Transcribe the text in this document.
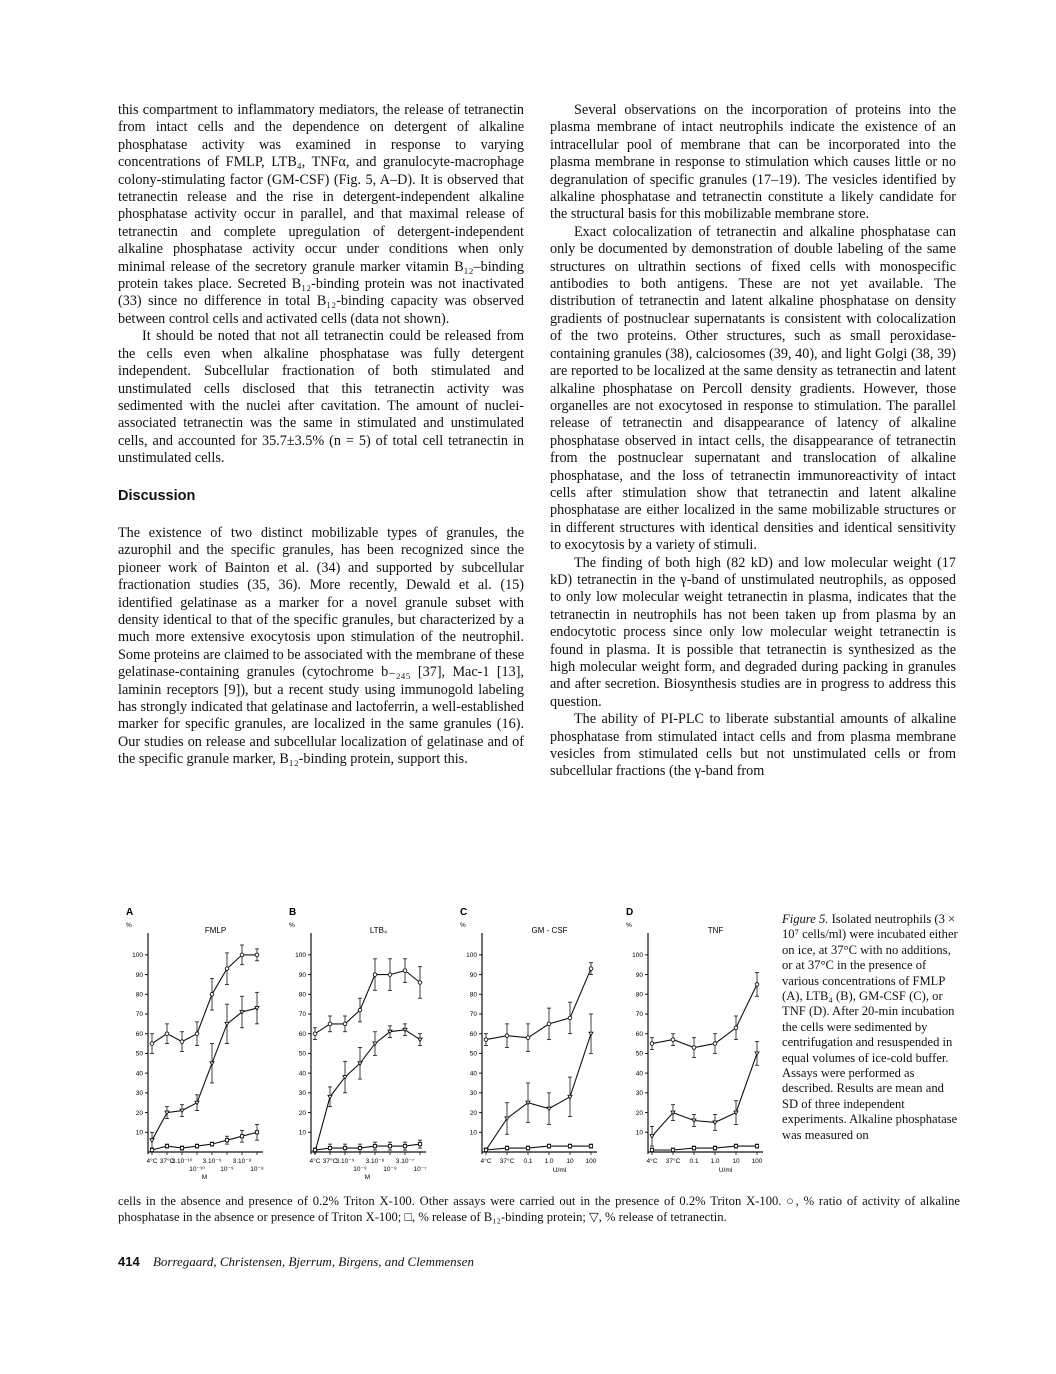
this compartment to inflammatory mediators, the release of tetranectin from intact cells and the dependence on detergent of alkaline phosphatase activity was examined in response to varying concentrations of FMLP, LTB₄, TNFα, and granulocyte-macrophage colony-stimulating factor (GM-CSF) (Fig. 5, A–D). It is observed that tetranectin release and the rise in detergent-independent alkaline phosphatase activity occur in parallel, and that maximal release of tetranectin and complete upregulation of detergent-independent alkaline phosphatase activity occur under conditions when only minimal release of the secretory granule marker vitamin B₁₂–binding protein takes place. Secreted B₁₂-binding protein was not inactivated (33) since no difference in total B₁₂-binding capacity was observed between control cells and activated cells (data not shown).

It should be noted that not all tetranectin could be released from the cells even when alkaline phosphatase was fully detergent independent. Subcellular fractionation of both stimulated and unstimulated cells disclosed that this tetranectin activity was sedimented with the nuclei after cavitation. The amount of nuclei-associated tetranectin was the same in stimulated and unstimulated cells, and accounted for 35.7±3.5% (n = 5) of total cell tetranectin in unstimulated cells.

Discussion

The existence of two distinct mobilizable types of granules, the azurophil and the specific granules, has been recognized since the pioneer work of Bainton et al. (34) and supported by subcellular fractionation studies (35, 36). More recently, Dewald et al. (15) identified gelatinase as a marker for a novel granule subset with density identical to that of the specific granules, but characterized by a much more extensive exocytosis upon stimulation of the neutrophil. Some proteins are claimed to be associated with the membrane of these gelatinase-containing granules (cytochrome b₋₂₄₅ [37], Mac-1 [13], laminin receptors [9]), but a recent study using immunogold labeling has strongly indicated that gelatinase and lactoferrin, a well-established marker for specific granules, are localized in the same granules (16). Our studies on release and subcellular localization of gelatinase and of the specific granule marker, B₁₂-binding protein, support this.

Several observations on the incorporation of proteins into the plasma membrane of intact neutrophils indicate the existence of an intracellular pool of membrane that can be incorporated into the plasma membrane in response to stimulation which causes little or no degranulation of specific granules (17–19). The vesicles identified by alkaline phosphatase and tetranectin constitute a likely candidate for the structural basis for this mobilizable membrane store.

Exact colocalization of tetranectin and alkaline phosphatase can only be documented by demonstration of double labeling of the same structures on ultrathin sections of fixed cells with monospecific antibodies to both antigens. These are not yet available. The distribution of tetranectin and latent alkaline phosphatase on density gradients of postnuclear supernatants is consistent with colocalization of the two proteins. Other structures, such as small peroxidase-containing granules (38), calciosomes (39, 40), and light Golgi (38, 39) are reported to be localized at the same density as tetranectin and latent alkaline phosphatase on Percoll density gradients. However, those organelles are not exocytosed in response to stimulation. The parallel release of tetranectin and disappearance of latency of alkaline phosphatase observed in intact cells, the disappearance of tetranectin from the postnuclear supernatant and translocation of alkaline phosphatase, and the loss of tetranectin immunoreactivity of intact cells after stimulation show that tetranectin and latent alkaline phosphatase are either localized in the same mobilizable structures or in different structures with identical densities and identical sensitivity to exocytosis by a variety of stimuli.

The finding of both high (82 kD) and low molecular weight (17 kD) tetranectin in the γ-band of unstimulated neutrophils, as opposed to only low molecular weight tetranectin in plasma, indicates that the tetranectin in neutrophils has not been taken up from plasma by an endocytotic process since only low molecular weight tetranectin is found in plasma. It is possible that tetranectin is synthesized as the high molecular weight form, and degraded during packing in granules and after secretion. Biosynthesis studies are in progress to address this question.

The ability of PI-PLC to liberate substantial amounts of alkaline phosphatase from stimulated intact cells and from plasma membrane vesicles from stimulated cells but not unstimulated cells or from subcellular fractions (the γ-band from

A
%
FMLP
10
20
30
40
50
60
70
80
90
100
4°C 37°C
3.10⁻¹⁰ 3.10⁻⁹ 3.10⁻⁸
10⁻¹⁰ 10⁻⁹	10⁻⁸
M
B
%
LTB₄
10
20
30
40
50
60
70
80
90
100
4°C 37°C
3.10⁻⁹ 3.10⁻⁸ 3.10⁻⁷
10⁻⁹	10⁻⁸	10⁻⁷
M
C
%
GM - CSF
10
20
30
40
50
60
70
80
90
100
4°C 37°C 0.1 1.0 10 100
U/ml
D
%
TNF
10
20
30
40
50
60
70
80
90
100
4°C 37°C 0.1 1.0 10 100
U/ml
Figure 5. Isolated neutrophils (3 × 10⁷ cells/ml) were incubated either on ice, at 37°C with no additions, or at 37°C in the presence of various concentrations of FMLP (A), LTB₄ (B), GM-CSF (C), or TNF (D). After 20-min incubation the cells were sedimented by centrifugation and resuspended in equal volumes of ice-cold buffer. Assays were performed as described. Results are mean and SD of three independent experiments. Alkaline phosphatase was measured on
cells in the absence and presence of 0.2% Triton X-100. Other assays were carried out in the presence of 0.2% Triton X-100. ○, % ratio of activity of alkaline phosphatase in the absence or presence of Triton X-100; □, % release of B₁₂-binding protein; ▽, % release of tetranectin.
414 Borregaard, Christensen, Bjerrum, Birgens, and Clemmensen
